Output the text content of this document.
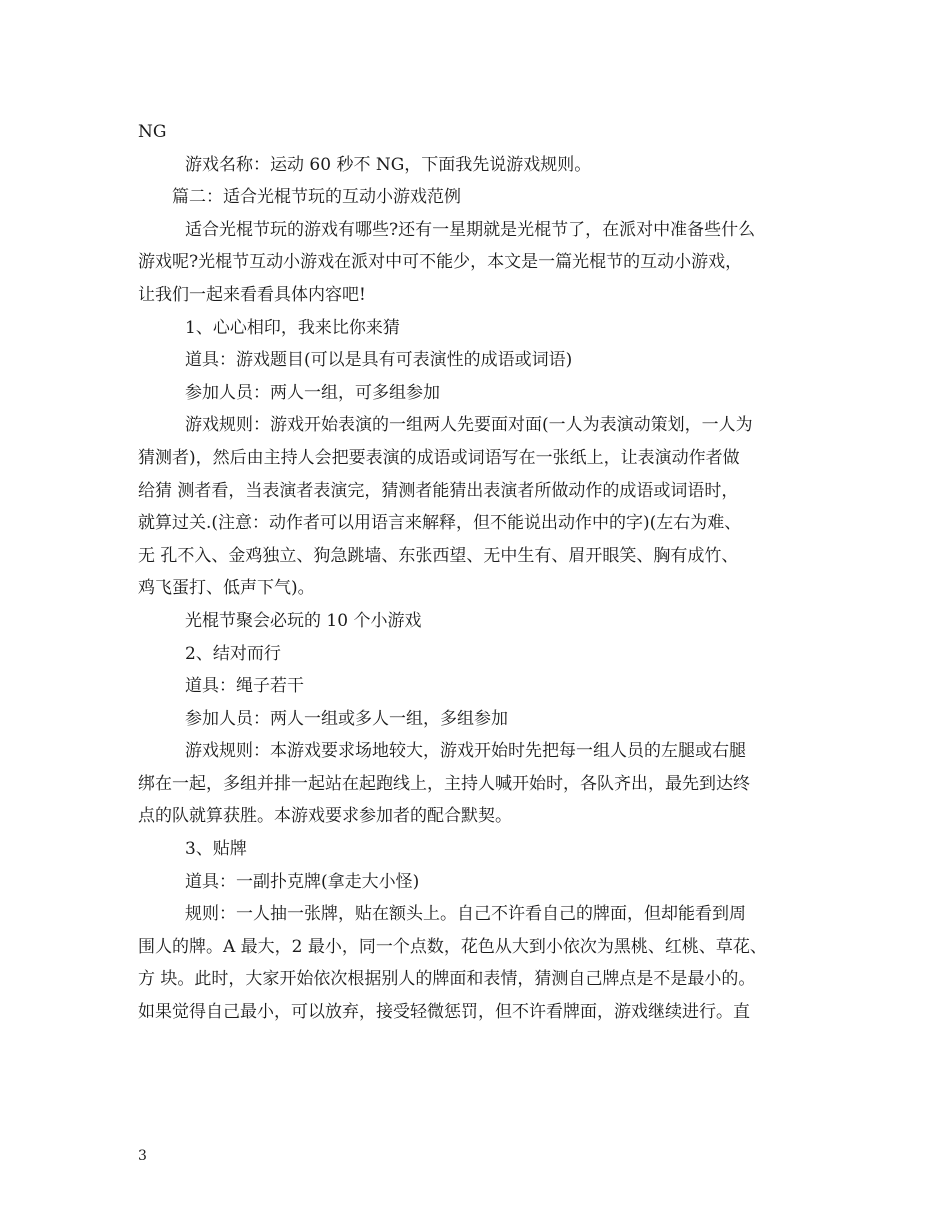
NG
游戏名称：运动 60 秒不 NG，下面我先说游戏规则。
篇二：适合光棍节玩的互动小游戏范例
适合光棍节玩的游戏有哪些?还有一星期就是光棍节了，在派对中准备些什么
游戏呢?光棍节互动小游戏在派对中可不能少，本文是一篇光棍节的互动小游戏，
让我们一起来看看具体内容吧!
1、心心相印，我来比你来猜
道具：游戏题目(可以是具有可表演性的成语或词语)
参加人员：两人一组，可多组参加
游戏规则：游戏开始表演的一组两人先要面对面(一人为表演动策划，一人为
猜测者)，然后由主持人会把要表演的成语或词语写在一张纸上，让表演动作者做
给猜 测者看，当表演者表演完，猜测者能猜出表演者所做动作的成语或词语时，
就算过关.(注意：动作者可以用语言来解释，但不能说出动作中的字)(左右为难、
无 孔不入、金鸡独立、狗急跳墙、东张西望、无中生有、眉开眼笑、胸有成竹、
鸡飞蛋打、低声下气)。
光棍节聚会必玩的 10 个小游戏
2、结对而行
道具：绳子若干
参加人员：两人一组或多人一组，多组参加
游戏规则：本游戏要求场地较大，游戏开始时先把每一组人员的左腿或右腿
绑在一起，多组并排一起站在起跑线上，主持人喊开始时，各队齐出，最先到达终
点的队就算获胜。本游戏要求参加者的配合默契。
3、贴牌
道具：一副扑克牌(拿走大小怪)
规则：一人抽一张牌，贴在额头上。自己不许看自己的牌面，但却能看到周
围人的牌。A 最大，2 最小，同一个点数，花色从大到小依次为黑桃、红桃、草花、
方 块。此时，大家开始依次根据别人的牌面和表情，猜测自己牌点是不是最小的。
如果觉得自己最小，可以放弃，接受轻微惩罚，但不许看牌面，游戏继续进行。直
3
